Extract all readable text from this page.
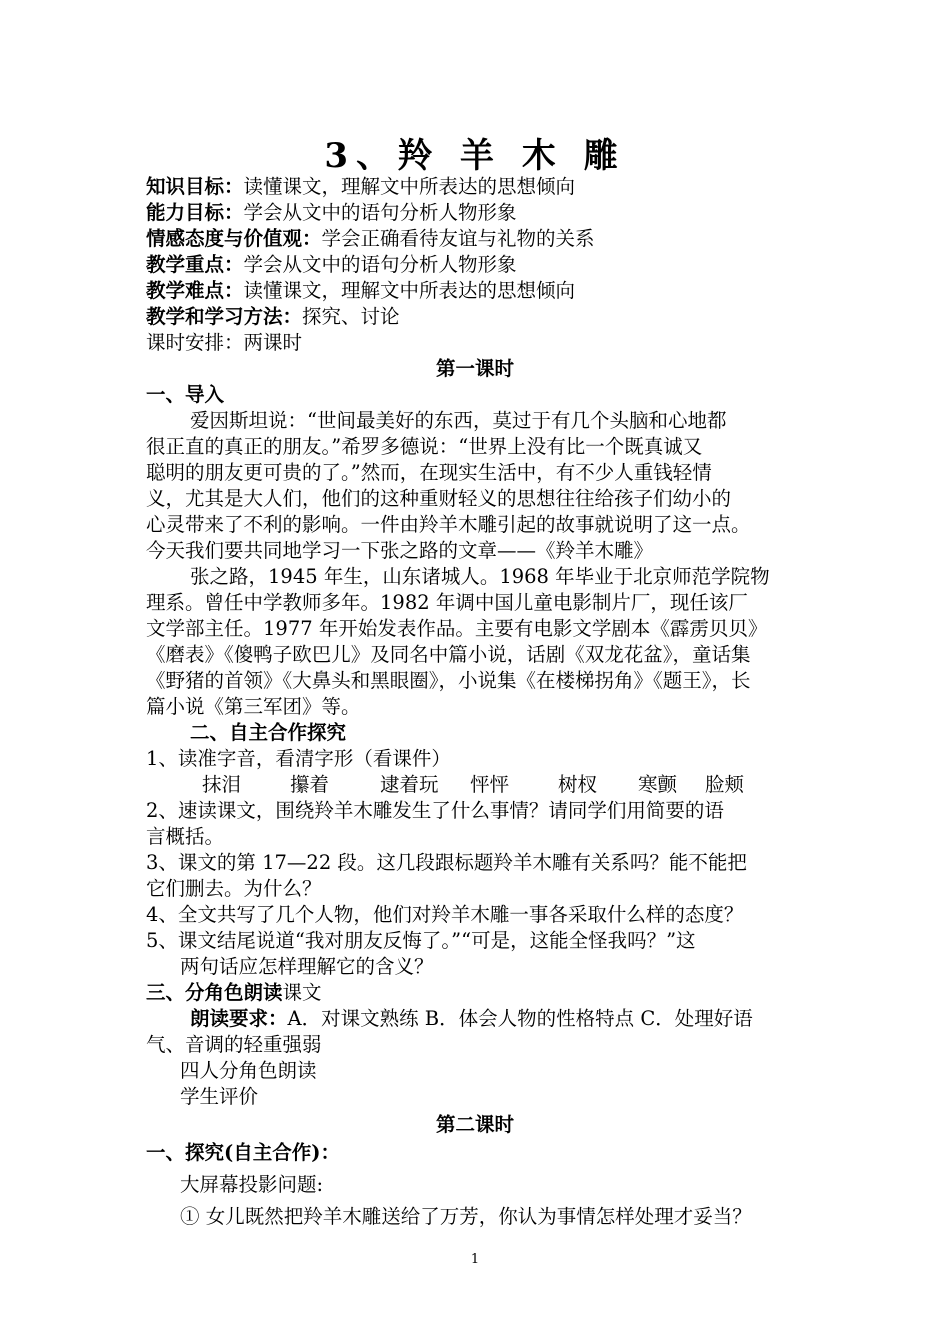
3、羚 羊 木 雕
知识目标：读懂课文，理解文中所表达的思想倾向
能力目标：学会从文中的语句分析人物形象
情感态度与价值观：学会正确看待友谊与礼物的关系
教学重点：学会从文中的语句分析人物形象
教学难点：读懂课文，理解文中所表达的思想倾向
教学和学习方法：探究、讨论
课时安排：两课时
第一课时
一、导入
爱因斯坦说：“世间最美好的东西，莫过于有几个头脑和心地都
很正直的真正的朋友。”希罗多德说：“世界上没有比一个既真诚又
聪明的朋友更可贵的了。”然而，在现实生活中，有不少人重钱轻情
义，尤其是大人们，他们的这种重财轻义的思想往往给孩子们幼小的
心灵带来了不利的影响。一件由羚羊木雕引起的故事就说明了这一点。
今天我们要共同地学习一下张之路的文章——《羚羊木雕》
张之路，1945 年生，山东诸城人。1968 年毕业于北京师范学院物
理系。曾任中学教师多年。1982 年调中国儿童电影制片厂，现任该厂
文学部主任。1977 年开始发表作品。主要有电影文学剧本《霹雳贝贝》
《磨表》《傻鸭子欧巴儿》及同名中篇小说，话剧《双龙花盆》，童话集
《野猪的首领》《大鼻头和黑眼圈》，小说集《在楼梯拐角》《题王》，长
篇小说《第三军团》等。
二、自主合作探究
1、读准字音，看清字形（看课件）
抹泪	攥着	逮着玩 怦怦	树杈 寒颤 脸颊
2、速读课文，围绕羚羊木雕发生了什么事情？请同学们用简要的语
言概括。
3、课文的第 17—22 段。这几段跟标题羚羊木雕有关系吗？能不能把
它们删去。为什么？
4、全文共写了几个人物，他们对羚羊木雕一事各采取什么样的态度？
5、课文结尾说道“我对朋友反悔了。”“可是，这能全怪我吗？”这
两句话应怎样理解它的含义？
三、分角色朗读课文
朗读要求：A．对课文熟练 B．体会人物的性格特点 C．处理好语
气、音调的轻重强弱
四人分角色朗读
学生评价
第二课时
一、探究(自主合作)：
大屏幕投影问题:
① 女儿既然把羚羊木雕送给了万芳，你认为事情怎样处理才妥当？
1
